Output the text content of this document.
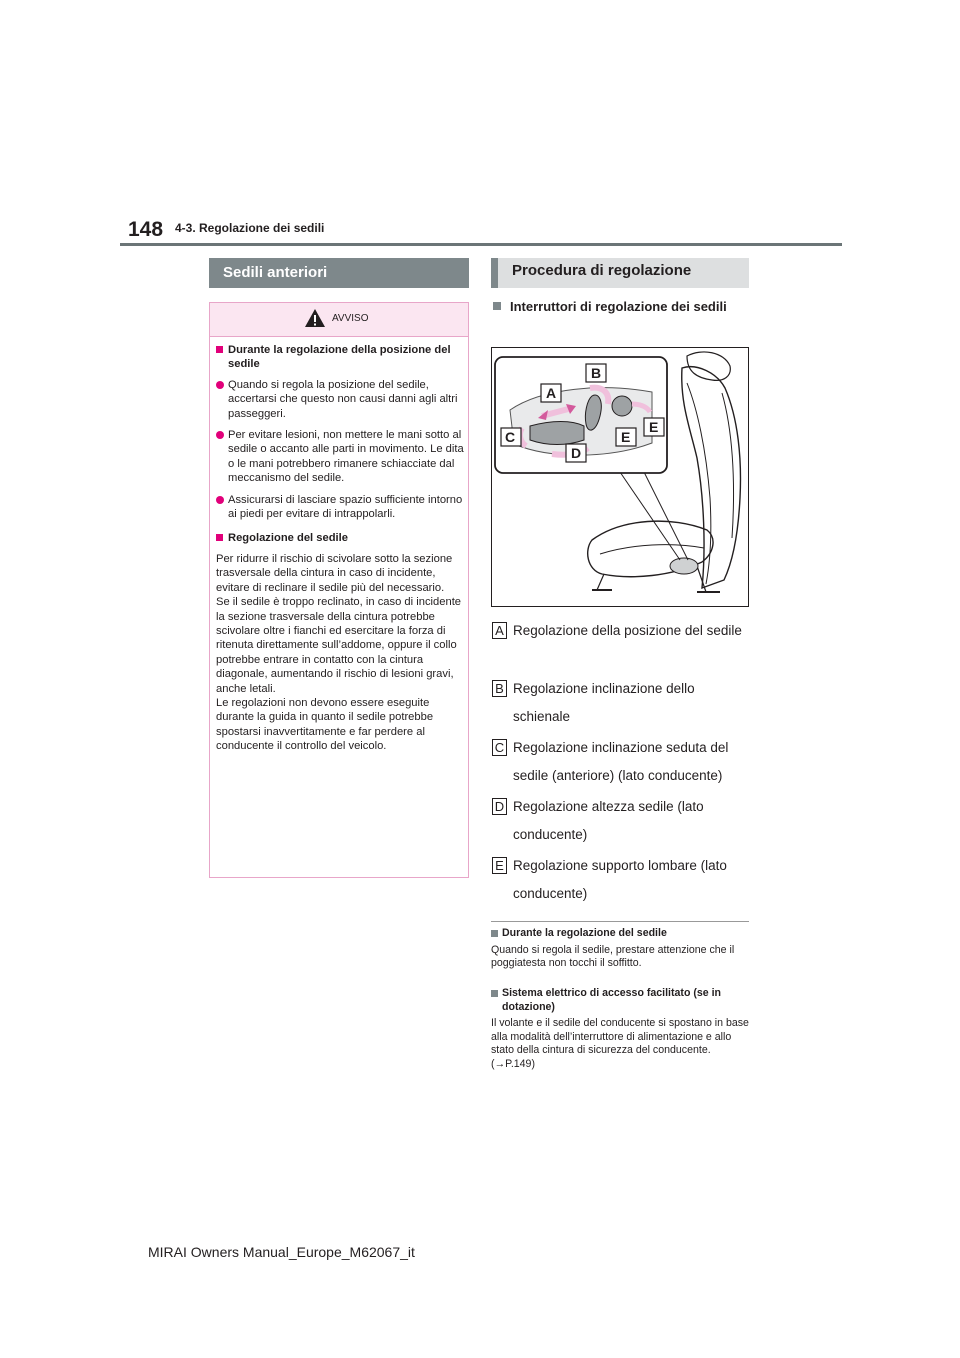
148 4-3. Regolazione dei sedili
Sedili anteriori	Procedura di regolazione
AVVISO

Durante la regolazione della posizione del sedile

Quando si regola la posizione del sedile, accertarsi che questo non causi danni agli altri passeggeri.

Per evitare lesioni, non mettere le mani sotto al sedile o accanto alle parti in movimento. Le dita o le mani potrebbero rimanere schiacciate dal meccanismo del sedile.

Assicurarsi di lasciare spazio sufficiente intorno ai piedi per evitare di intrappolarli.

Regolazione del sedile

Per ridurre il rischio di scivolare sotto la sezione trasversale della cintura in caso di incidente, evitare di reclinare il sedile più del necessario.

Se il sedile è troppo reclinato, in caso di incidente la sezione trasversale della cintura potrebbe scivolare oltre i fianchi ed esercitare la forza di ritenuta direttamente sull’addome, oppure il collo potrebbe entrare in contatto con la cintura diagonale, aumentando il rischio di lesioni gravi, anche letali.

Le regolazioni non devono essere eseguite durante la guida in quanto il sedile potrebbe spostarsi inavvertitamente e far perdere al conducente il controllo del veicolo.

Interruttori di regolazione dei sedili
A
B
C
D
E
E
A Regolazione della posizione del sedile
B Regolazione inclinazione dello schienale
C Regolazione inclinazione seduta del sedile (anteriore) (lato conducente)
D Regolazione altezza sedile (lato conducente)
E Regolazione supporto lombare (lato conducente)
Durante la regolazione del sedile
Quando si regola il sedile, prestare attenzione che il poggiatesta non tocchi il soffitto.
Sistema elettrico di accesso facilitato (se in dotazione)
Il volante e il sedile del conducente si spostano in base alla modalità dell’interruttore di alimentazione e allo stato della cintura di sicurezza del conducente. (→P.149)
MIRAI Owners Manual_Europe_M62067_it
